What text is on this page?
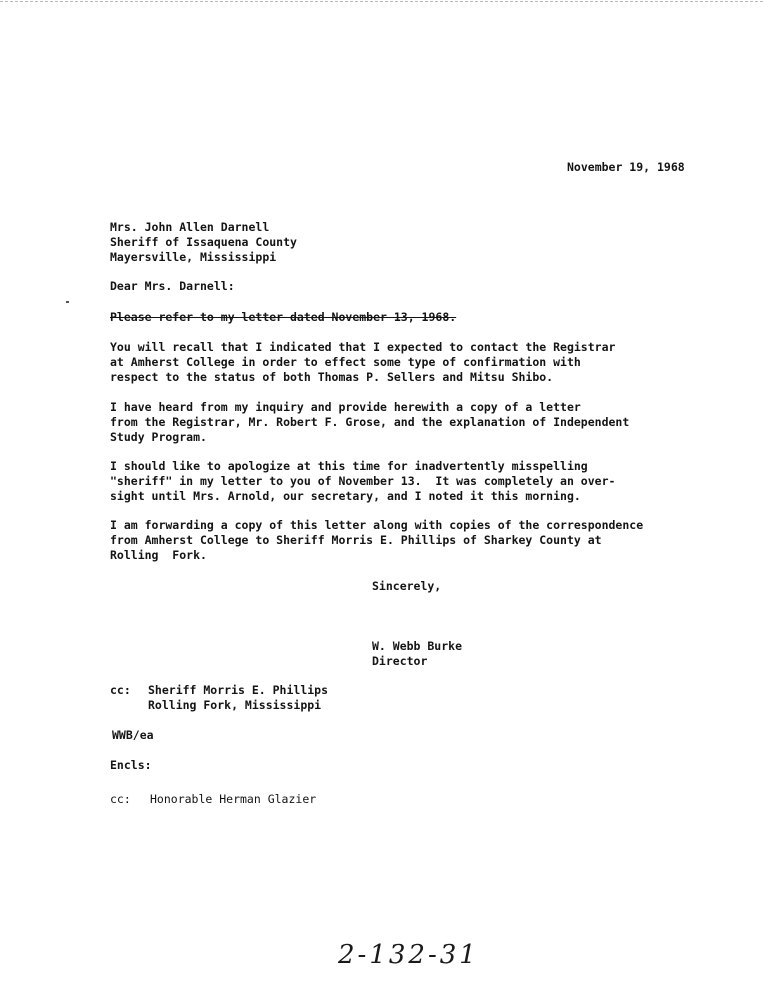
November 19, 1968
Mrs. John Allen Darnell
Sheriff of Issaquena County
Mayersville, Mississippi
Dear Mrs. Darnell:
Please refer to my letter dated November 13, 1968.
You will recall that I indicated that I expected to contact the Registrar
at Amherst College in order to effect some type of confirmation with
respect to the status of both Thomas P. Sellers and Mitsu Shibo.
I have heard from my inquiry and provide herewith a copy of a letter
from the Registrar, Mr. Robert F. Grose, and the explanation of Independent
Study Program.
I should like to apologize at this time for inadvertently misspelling
"sheriff" in my letter to you of November 13.  It was completely an over-
sight until Mrs. Arnold, our secretary, and I noted it this morning.
I am forwarding a copy of this letter along with copies of the correspondence
from Amherst College to Sheriff Morris E. Phillips of Sharkey County at
Rolling  Fork.
Sincerely,
W. Webb Burke
Director
cc: Sheriff Morris E. Phillips
Rolling Fork, Mississippi
WWB/ea
Encls:
cc: Honorable Herman Glazier
2-132-31
